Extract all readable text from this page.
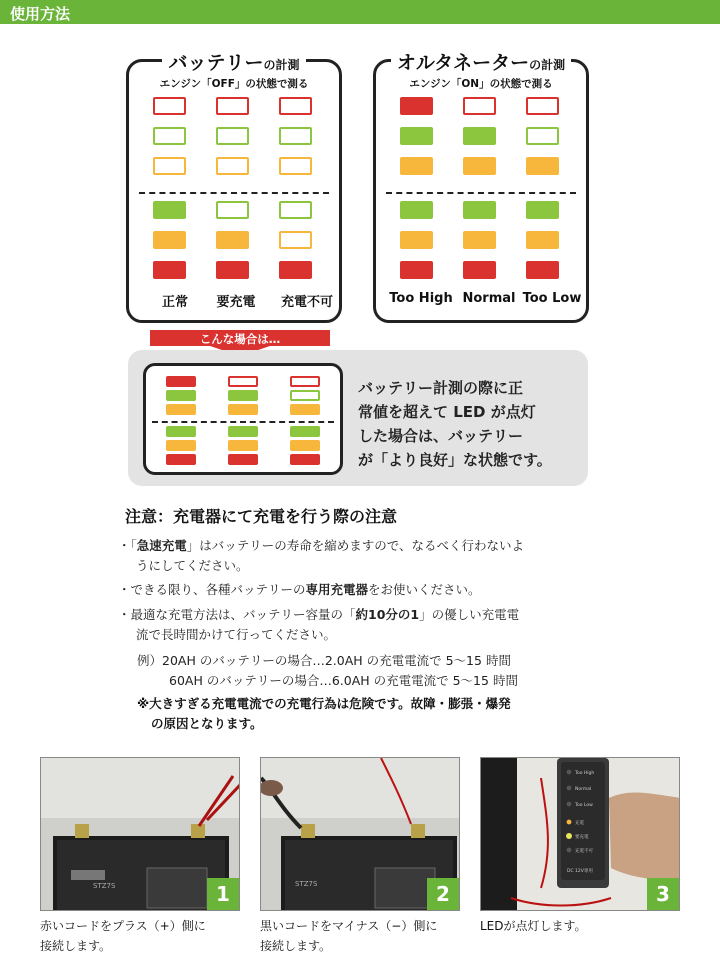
使用方法
バッテリーの計測
エンジン「OFF」の状態で測る
正常	要充電	充電不可
オルタネーターの計測
エンジン「ON」の状態で測る
Too High Normal Too Low
こんな場合は…
バッテリー計測の際に正
常値を超えて LED が点灯
した場合は、バッテリー
が「より良好」な状態です。
注意：充電器にて充電を行う際の注意
・「急速充電」はバッテリーの寿命を縮めますので、なるべく行わないよ
うにしてください。
・できる限り、各種バッテリーの専用充電器をお使いください。
・最適な充電方法は、バッテリー容量の「約10分の1」の優しい充電電
流で長時間かけて行ってください。
例）20AH のバッテリーの場合…2.0AH の充電電流で 5〜15 時間
60AH のバッテリーの場合…6.0AH の充電電流で 5〜15 時間
※大きすぎる充電電流での充電行為は危険です。故障・膨張・爆発
の原因となります。
STZ7S	1
赤いコードをプラス（+）側に
接続します。
STZ7S	2
黒いコードをマイナス（−）側に
接続します。
Too High
Normal
Too Low
充電
要充電
充電不可
DC 12V専用
3
LEDが点灯します。
